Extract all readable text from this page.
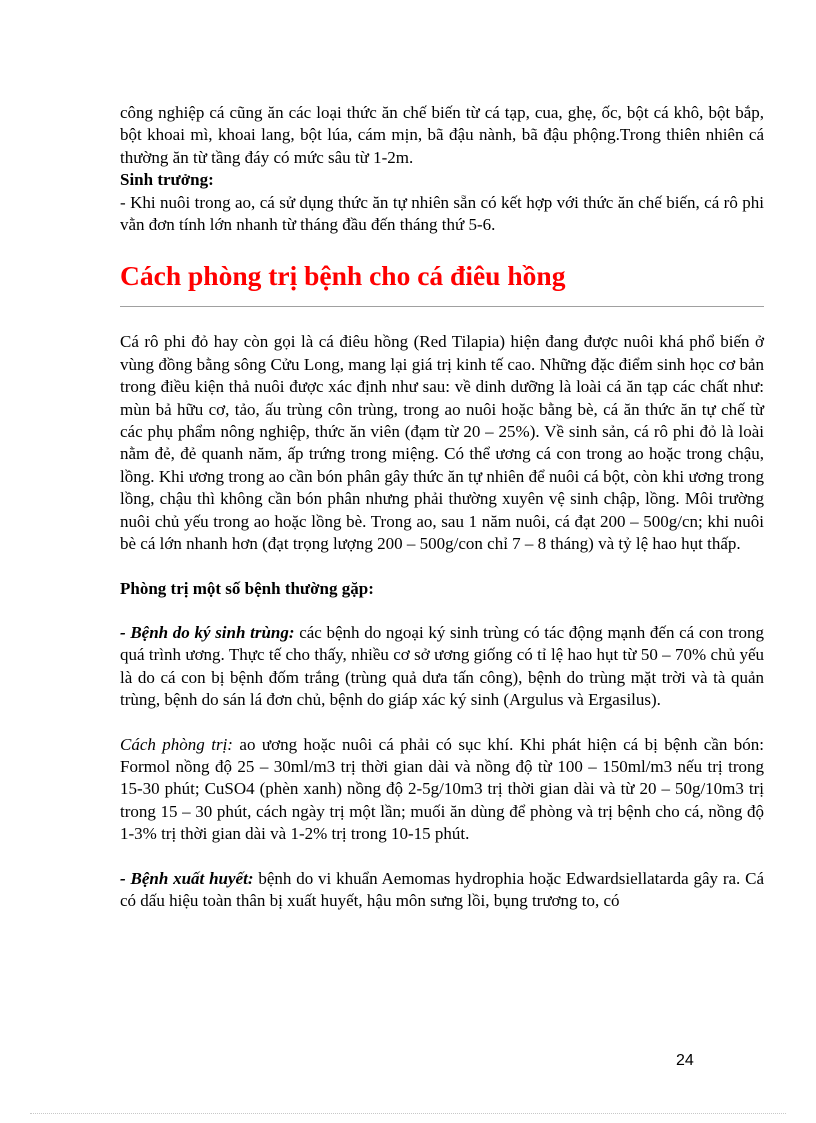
công nghiệp cá cũng ăn các loại thức ăn chế biến từ cá tạp, cua, ghẹ, ốc, bột cá khô, bột bắp, bột khoai mì, khoai lang, bột lúa, cám mịn, bã đậu nành, bã đậu phộng.Trong thiên nhiên cá thường ăn từ tầng đáy có mức sâu từ 1-2m.

Sinh trưởng:

- Khi nuôi trong ao, cá sử dụng thức ăn tự nhiên sẵn có kết hợp với thức ăn chế biến, cá rô phi vằn đơn tính lớn nhanh từ tháng đầu đến tháng thứ 5-6.

Cách phòng trị bệnh cho cá điêu hồng

Cá rô phi đỏ hay còn gọi là cá điêu hồng (Red Tilapia) hiện đang được nuôi khá phổ biến ở vùng đồng bằng sông Cửu Long, mang lại giá trị kinh tế cao. Những đặc điểm sinh học cơ bản trong điều kiện thả nuôi được xác định như sau: về dinh dưỡng là loài cá ăn tạp các chất như: mùn bả hữu cơ, tảo, ấu trùng côn trùng, trong ao nuôi hoặc bằng bè, cá ăn thức ăn tự chế từ các phụ phẩm nông nghiệp, thức ăn viên (đạm từ 20 – 25%). Về sinh sản, cá rô phi đỏ là loài nằm đẻ, đẻ quanh năm, ấp trứng trong miệng. Có thể ương cá con trong ao hoặc trong chậu, lồng. Khi ương trong ao cần bón phân gây thức ăn tự nhiên để nuôi cá bột, còn khi ương trong lồng, chậu thì không cần bón phân nhưng phải thường xuyên vệ sinh chập, lồng. Môi trường nuôi chủ yếu trong ao hoặc lồng bè. Trong ao, sau 1 năm nuôi, cá đạt 200 – 500g/cn; khi nuôi bè cá lớn nhanh hơn (đạt trọng lượng 200 – 500g/con chỉ 7 – 8 tháng) và tỷ lệ hao hụt thấp.

Phòng trị một số bệnh thường gặp:

- Bệnh do ký sinh trùng: các bệnh do ngoại ký sinh trùng có tác động mạnh đến cá con trong quá trình ương. Thực tế cho thấy, nhiều cơ sở ương giống có tỉ lệ hao hụt từ 50 – 70% chủ yếu là do cá con bị bệnh đốm trắng (trùng quả dưa tấn công), bệnh do trùng mặt trời và tà quản trùng, bệnh do sán lá đơn chủ, bệnh do giáp xác ký sinh (Argulus và Ergasilus).

Cách phòng trị: ao ương hoặc nuôi cá phải có sục khí. Khi phát hiện cá bị bệnh cần bón: Formol nồng độ 25 – 30ml/m3 trị thời gian dài và nồng độ từ 100 – 150ml/m3 nếu trị trong 15-30 phút; CuSO4 (phèn xanh) nồng độ 2-5g/10m3 trị thời gian dài và từ 20 – 50g/10m3 trị trong 15 – 30 phút, cách ngày trị một lần; muối ăn dùng để phòng và trị bệnh cho cá, nồng độ 1-3% trị thời gian dài và 1-2% trị trong 10-15 phút.

- Bệnh xuất huyết: bệnh do vi khuẩn Aemomas hydrophia hoặc Edwardsiellatarda gây ra. Cá có dấu hiệu toàn thân bị xuất huyết, hậu môn sưng lồi, bụng trương to, có

24
